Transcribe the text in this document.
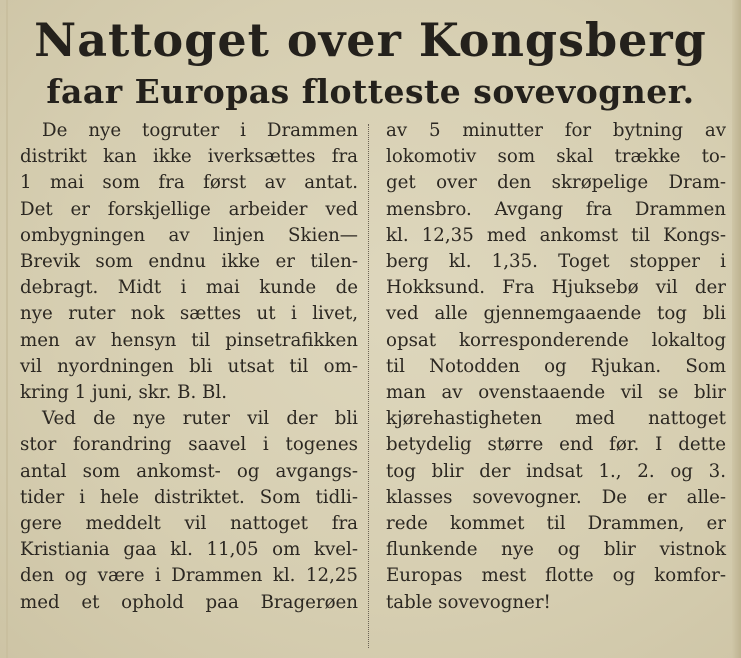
Nattoget over Kongsberg
faar Europas flotteste sovevogner.
De nye togruter i Drammen
distrikt kan ikke iverksættes fra
1 mai som fra først av antat.
Det er forskjellige arbeider ved
ombygningen av linjen Skien—
Brevik som endnu ikke er tilen-
debragt. Midt i mai kunde de
nye ruter nok sættes ut i livet,
men av hensyn til pinsetrafikken
vil nyordningen bli utsat til om-
kring 1 juni, skr. B. Bl.
Ved de nye ruter vil der bli
stor forandring saavel i togenes
antal som ankomst- og avgangs-
tider i hele distriktet. Som tidli-
gere meddelt vil nattoget fra
Kristiania gaa kl. 11,05 om kvel-
den og være i Drammen kl. 12,25
med et ophold paa Bragerøen
av 5 minutter for bytning av
lokomotiv som skal trække to-
get over den skrøpelige Dram-
mensbro. Avgang fra Drammen
kl. 12,35 med ankomst til Kongs-
berg kl. 1,35. Toget stopper i
Hokksund. Fra Hjuksebø vil der
ved alle gjennemgaaende tog bli
opsat korresponderende lokaltog
til Notodden og Rjukan. Som
man av ovenstaaende vil se blir
kjørehastigheten med nattoget
betydelig større end før. I dette
tog blir der indsat 1., 2. og 3.
klasses sovevogner. De er alle-
rede kommet til Drammen, er
flunkende nye og blir vistnok
Europas mest flotte og komfor-
table sovevogner!
